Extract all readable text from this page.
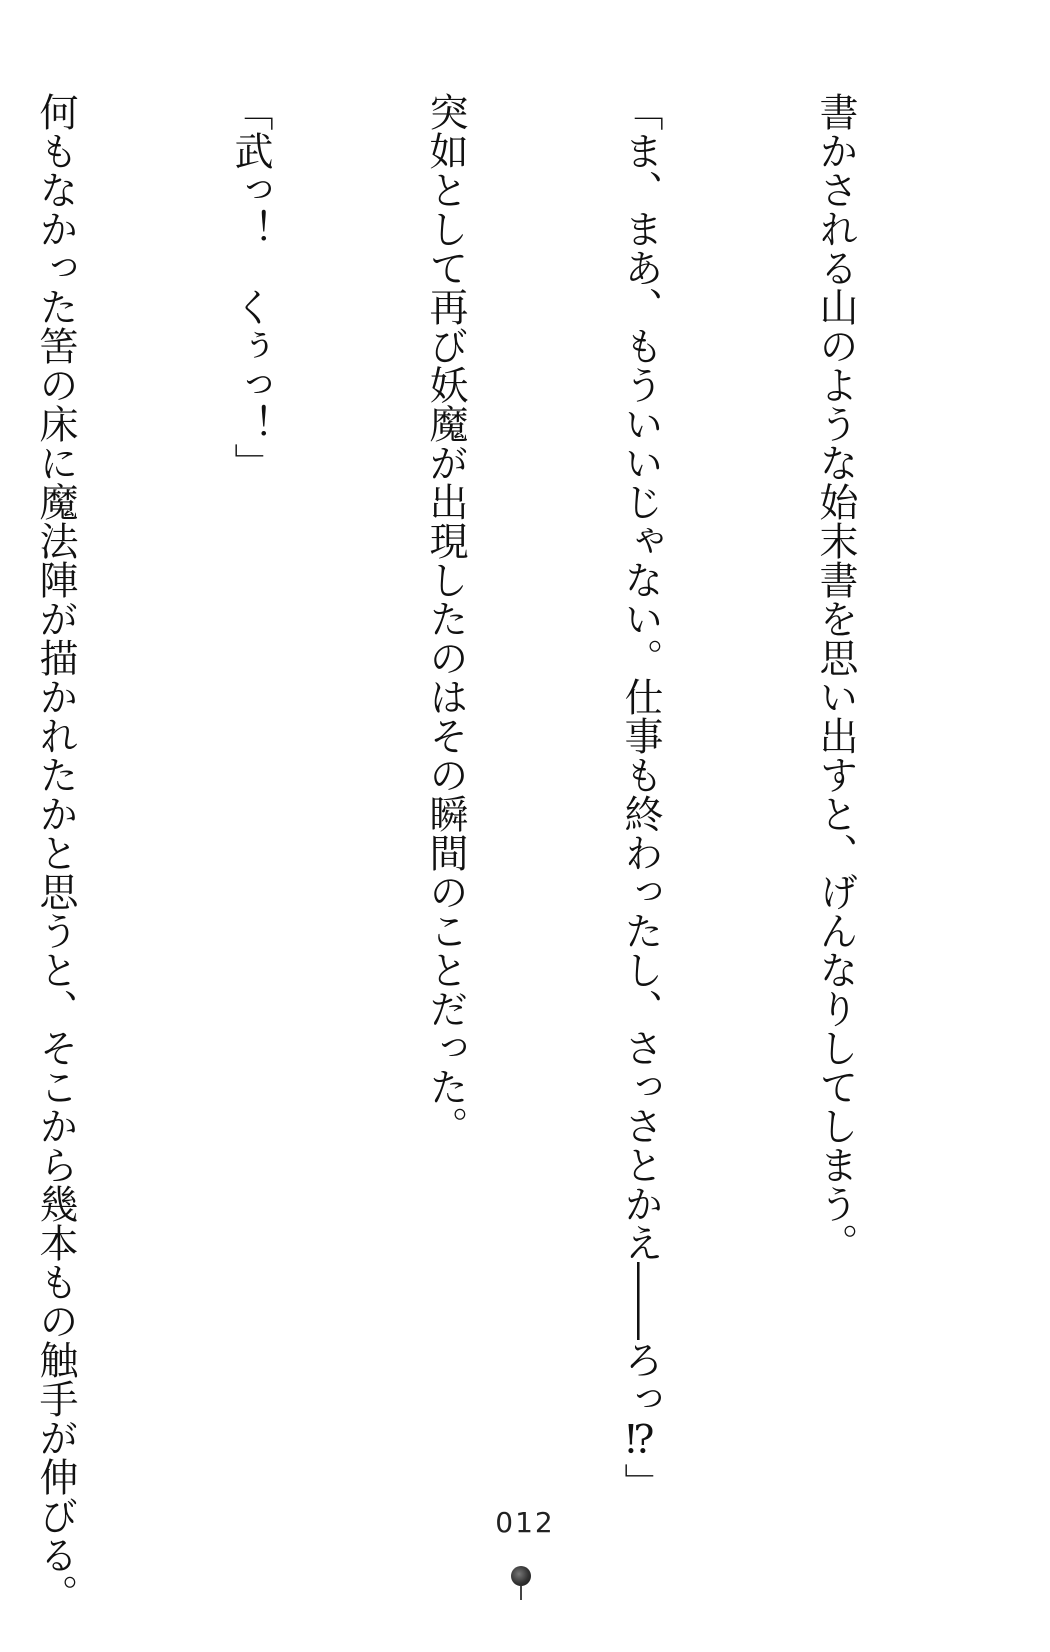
書かされる山のような始末書を思い出すと、げんなりしてしまう。

「ま、まあ、もういいじゃない。仕事も終わったし、さっさとかえ――ろっ⁉」

突如として再び妖魔が出現したのはその瞬間のことだった。

「武っ！　くぅっ！」

何もなかった筈の床に魔法陣が描かれたかと思うと、そこから幾本もの触手が伸びる。

	012
